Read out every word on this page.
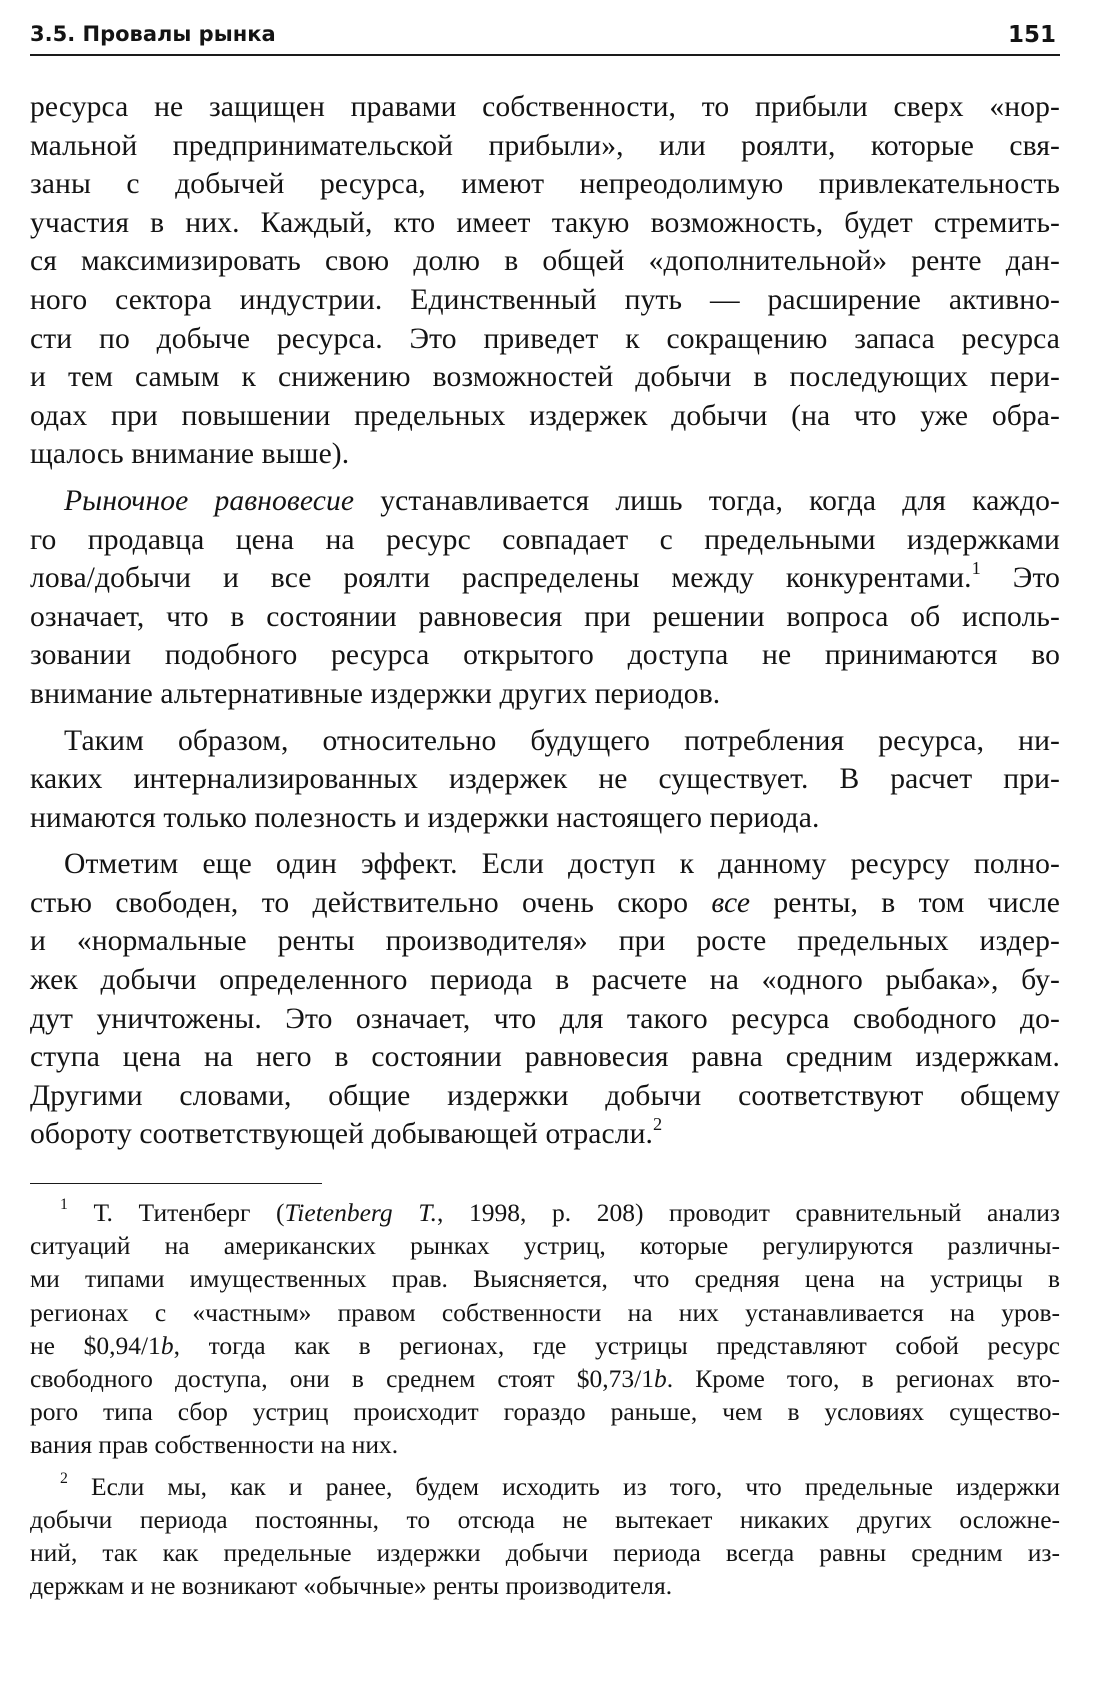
3.5. Провалы рынка	151
ресурса не защищен правами собственности, то прибыли сверх «нор-
мальной предпринимательской прибыли», или роялти, которые свя-
заны с добычей ресурса, имеют непреодолимую привлекательность
участия в них. Каждый, кто имеет такую возможность, будет стремить-
ся максимизировать свою долю в общей «дополнительной» ренте дан-
ного сектора индустрии. Единственный путь — расширение активно-
сти по добыче ресурса. Это приведет к сокращению запаса ресурса
и тем самым к снижению возможностей добычи в последующих пери-
одах при повышении предельных издержек добычи (на что уже обра-
щалось внимание выше).
Рыночное равновесие устанавливается лишь тогда, когда для каждо-
го продавца цена на ресурс совпадает с предельными издержками
лова/добычи и все роялти распределены между конкурентами.$^1$ Это
означает, что в состоянии равновесия при решении вопроса об исполь-
зовании подобного ресурса открытого доступа не принимаются во
внимание альтернативные издержки других периодов.
Таким образом, относительно будущего потребления ресурса, ни-
каких интернализированных издержек не существует. В расчет при-
нимаются только полезность и издержки настоящего периода.
Отметим еще один эффект. Если доступ к данному ресурсу полно-
стью свободен, то действительно очень скоро все ренты, в том числе
и «нормальные ренты производителя» при росте предельных издер-
жек добычи определенного периода в расчете на «одного рыбака», бу-
дут уничтожены. Это означает, что для такого ресурса свободного до-
ступа цена на него в состоянии равновесия равна средним издержкам.
Другими словами, общие издержки добычи соответствуют общему
обороту соответствующей добывающей отрасли.$^2$
$^1$ Т. Титенберг (Tietenberg T., 1998, p. 208) проводит сравнительный анализ
ситуаций на американских рынках устриц, которые регулируются различны-
ми типами имущественных прав. Выясняется, что средняя цена на устрицы в
регионах с «частным» правом собственности на них устанавливается на уров-
не $0,94/1b, тогда как в регионах, где устрицы представляют собой ресурс
свободного доступа, они в среднем стоят $0,73/1b. Кроме того, в регионах вто-
рого типа сбор устриц происходит гораздо раньше, чем в условиях существо-
вания прав собственности на них.
$^2$ Если мы, как и ранее, будем исходить из того, что предельные издержки
добычи периода постоянны, то отсюда не вытекает никаких других осложне-
ний, так как предельные издержки добычи периода всегда равны средним из-
держкам и не возникают «обычные» ренты производителя.
